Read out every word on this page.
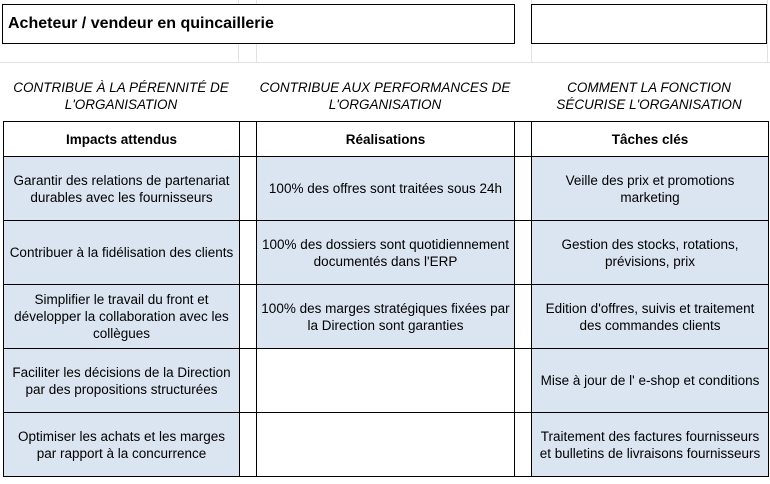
Acheteur / vendeur en quincaillerie
CONTRIBUE À LA PÉRENNITÉ DE L'ORGANISATION
CONTRIBUE AUX PERFORMANCES DE L'ORGANISATION
COMMENT LA FONCTION SÉCURISE L'ORGANISATION
Impacts attendus		Réalisations		Tâches clés
Garantir des relations de partenariat durables avec les fournisseurs		100% des offres sont traitées sous 24h		Veille des prix et promotions marketing
Contribuer à la fidélisation des clients		100% des dossiers sont quotidiennement documentés dans l'ERP		Gestion des stocks, rotations, prévisions, prix
Simplifier le travail du front et développer la collaboration avec les collègues		100% des marges stratégiques fixées par la Direction sont garanties		Edition d'offres, suivis et traitement des commandes clients
Faciliter les décisions de la Direction par des propositions structurées				Mise à jour de l' e-shop et conditions
Optimiser les achats et les marges par rapport à la concurrence				Traitement des factures fournisseurs et bulletins de livraisons fournisseurs
